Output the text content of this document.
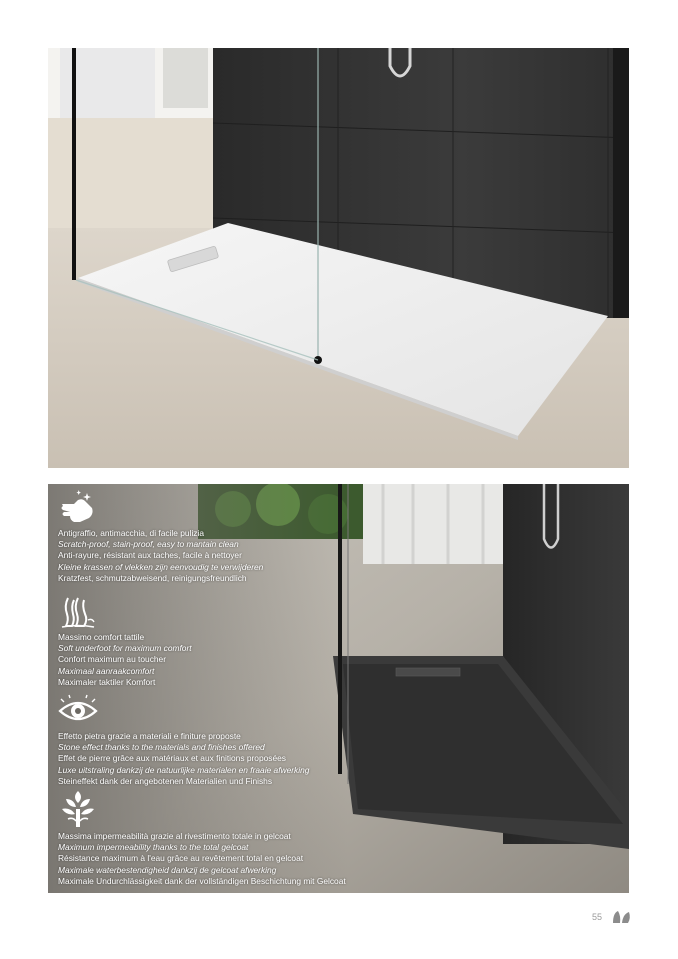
Antigraffio, antimacchia, di facile pulizia
Scratch-proof, stain-proof, easy to mantain clean
Anti-rayure, résistant aux taches, facile à nettoyer
Kleine krassen of vlekken zijn eenvoudig te verwijderen
Kratzfest, schmutzabweisend, reinigungsfreundlich
Massimo comfort tattile
Soft underfoot for maximum comfort
Confort maximum au toucher
Maximaal aanraakcomfort
Maximaler taktiler Komfort
Effetto pietra grazie a materiali e finiture proposte
Stone effect thanks to the materials and finishes offered
Effet de pierre grâce aux matériaux et aux finitions proposées
Luxe uitstraling dankzij de natuurlijke materialen en fraaie afwerking
Steineffekt dank der angebotenen Materialien und Finishs
Massima impermeabilità grazie al rivestimento totale in gelcoat
Maximum impermeability thanks to the total gelcoat
Résistance maximum à l'eau grâce au revêtement total en gelcoat
Maximale waterbestendigheid dankzij de gelcoat afwerking
Maximale Undurchlässigkeit dank der vollständigen Beschichtung mit Gelcoat
55
